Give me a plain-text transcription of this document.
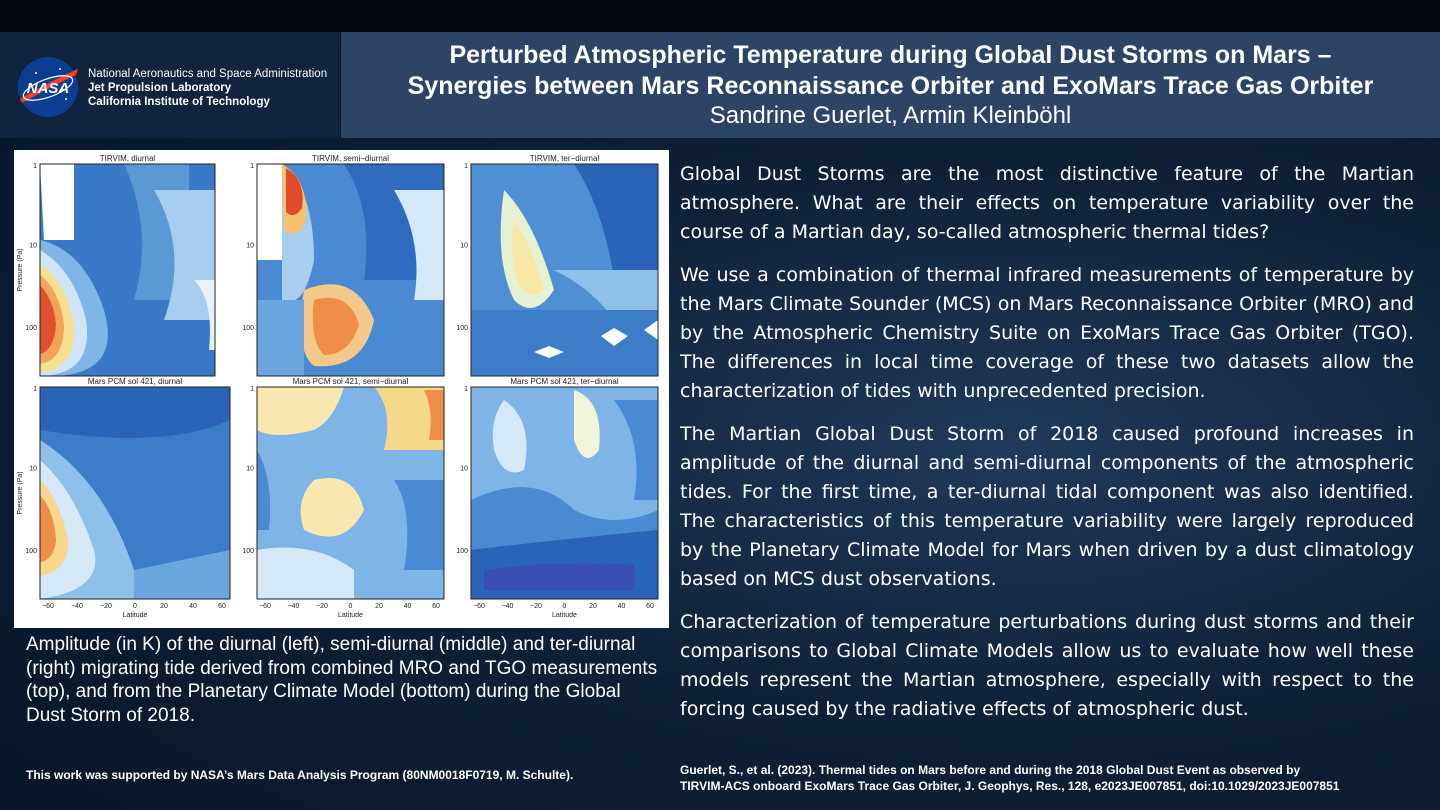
NASA
National Aeronautics and Space Administration
Jet Propulsion Laboratory
California Institute of Technology
Perturbed Atmospheric Temperature during Global Dust Storms on Mars –
Synergies between Mars Reconnaissance Orbiter and ExoMars Trace Gas Orbiter
Sandrine Guerlet, Armin Kleinböhl
TIRVIM, diurnal
1
10
100
Pressure (Pa)
TIRVIM, semi−diurnal
1
10
100
TIRVIM, ter−diurnal
1
10
100
Mars PCM sol 421, diurnal
1
10
100
Pressure (Pa)
−60 −40 −20	0	20	40	60
Latitude
Mars PCM sol 421, semi−diurnal
1
10
100
−60 −40 −20	0	20	40	60
Latitude
Mars PCM sol 421, ter−diurnal
1
10
100
−60 −40 −20	0	20	40	60
Latitude
Amplitude (in K) of the diurnal (left), semi-diurnal (middle) and ter-diurnal (right) migrating tide derived from combined MRO and TGO measurements (top), and from the Planetary Climate Model (bottom) during the Global Dust Storm of 2018.
This work was supported by NASA’s Mars Data Analysis Program (80NM0018F0719, M. Schulte).

Global Dust Storms are the most distinctive feature of the Martian atmosphere. What are their effects on temperature variability over the course of a Martian day, so-called atmospheric thermal tides?

We use a combination of thermal infrared measurements of temperature by the Mars Climate Sounder (MCS) on Mars Reconnaissance Orbiter (MRO) and by the Atmospheric Chemistry Suite on ExoMars Trace Gas Orbiter (TGO). The differences in local time coverage of these two datasets allow the characterization of tides with unprecedented precision.

The Martian Global Dust Storm of 2018 caused profound increases in amplitude of the diurnal and semi-diurnal components of the atmospheric tides. For the first time, a ter-diurnal tidal component was also identified. The characteristics of this temperature variability were largely reproduced by the Planetary Climate Model for Mars when driven by a dust climatology based on MCS dust observations.

Characterization of temperature perturbations during dust storms and their comparisons to Global Climate Models allow us to evaluate how well these models represent the Martian atmosphere, especially with respect to the forcing caused by the radiative effects of atmospheric dust.

Guerlet, S., et al. (2023). Thermal tides on Mars before and during the 2018 Global Dust Event as observed by
TIRVIM-ACS onboard ExoMars Trace Gas Orbiter, J. Geophys, Res., 128, e2023JE007851, doi:10.1029/2023JE007851
